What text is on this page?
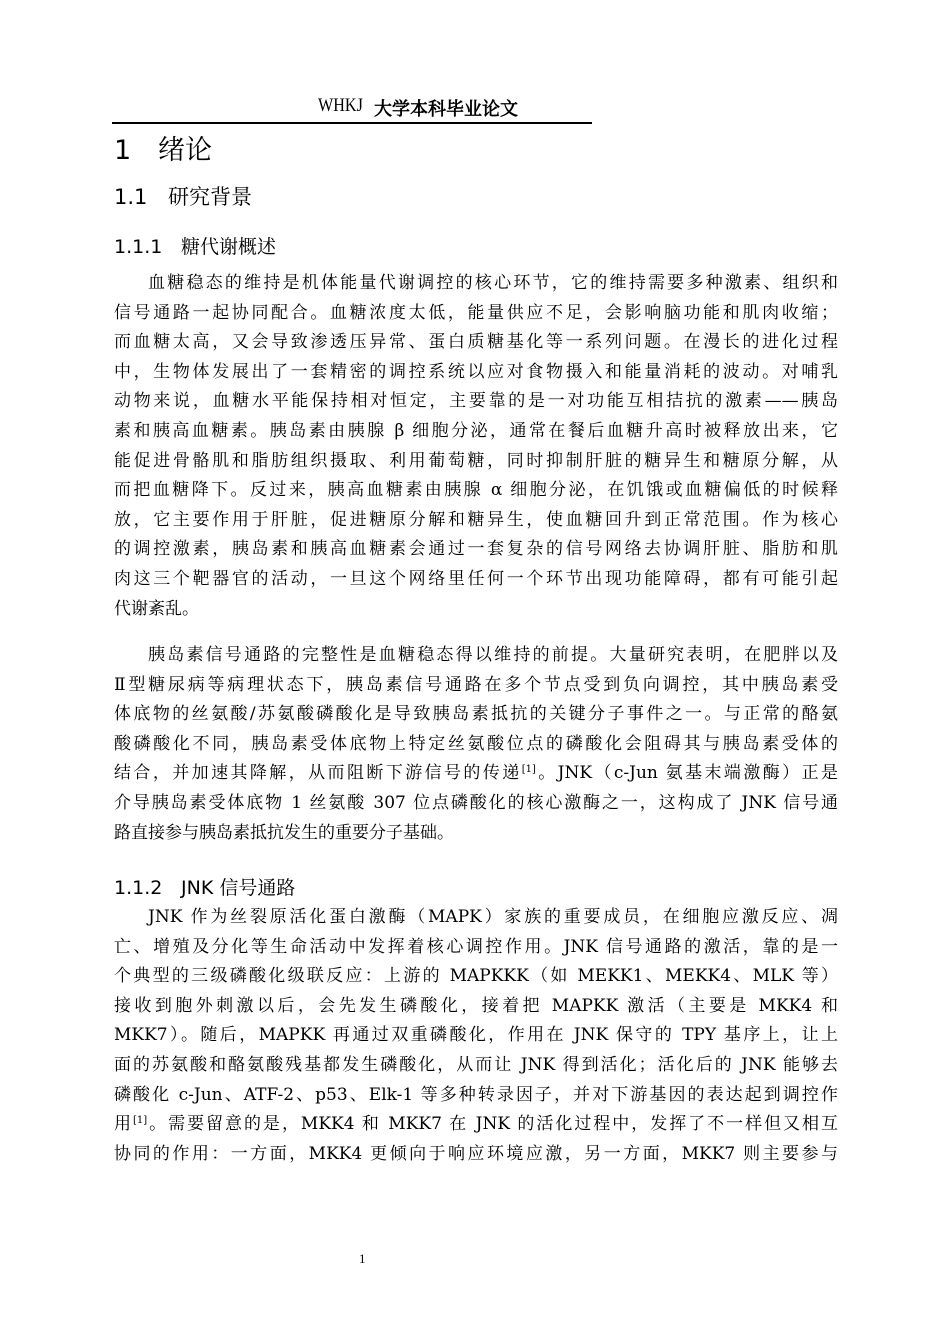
WHKJ 大学本科毕业论文
1 绪论
1.1 研究背景
1.1.1 糖代谢概述
血糖稳态的维持是机体能量代谢调控的核心环节，它的维持需要多种激素、组织和
信号通路一起协同配合。血糖浓度太低，能量供应不足，会影响脑功能和肌肉收缩；
而血糖太高，又会导致渗透压异常、蛋白质糖基化等一系列问题。在漫长的进化过程
中，生物体发展出了一套精密的调控系统以应对食物摄入和能量消耗的波动。对哺乳
动物来说，血糖水平能保持相对恒定，主要靠的是一对功能互相拮抗的激素——胰岛
素和胰高血糖素。胰岛素由胰腺 β 细胞分泌，通常在餐后血糖升高时被释放出来，它
能促进骨骼肌和脂肪组织摄取、利用葡萄糖，同时抑制肝脏的糖异生和糖原分解，从
而把血糖降下。反过来，胰高血糖素由胰腺 α 细胞分泌，在饥饿或血糖偏低的时候释
放，它主要作用于肝脏，促进糖原分解和糖异生，使血糖回升到正常范围。作为核心
的调控激素，胰岛素和胰高血糖素会通过一套复杂的信号网络去协调肝脏、脂肪和肌
肉这三个靶器官的活动，一旦这个网络里任何一个环节出现功能障碍，都有可能引起
代谢紊乱。
胰岛素信号通路的完整性是血糖稳态得以维持的前提。大量研究表明，在肥胖以及
Ⅱ型糖尿病等病理状态下，胰岛素信号通路在多个节点受到负向调控，其中胰岛素受
体底物的丝氨酸/苏氨酸磷酸化是导致胰岛素抵抗的关键分子事件之一。与正常的酪氨
酸磷酸化不同，胰岛素受体底物上特定丝氨酸位点的磷酸化会阻碍其与胰岛素受体的
结合，并加速其降解，从而阻断下游信号的传递[1]。JNK（c-Jun 氨基末端激酶）正是
介导胰岛素受体底物 1 丝氨酸 307 位点磷酸化的核心激酶之一，这构成了 JNK 信号通
路直接参与胰岛素抵抗发生的重要分子基础。
1.1.2 JNK 信号通路
JNK 作为丝裂原活化蛋白激酶（MAPK）家族的重要成员，在细胞应激反应、凋
亡、增殖及分化等生命活动中发挥着核心调控作用。JNK 信号通路的激活，靠的是一
个典型的三级磷酸化级联反应：上游的 MAPKKK（如 MEKK1、MEKK4、MLK 等）
接收到胞外刺激以后，会先发生磷酸化，接着把 MAPKK 激活（主要是 MKK4 和
MKK7）。随后，MAPKK 再通过双重磷酸化，作用在 JNK 保守的 TPY 基序上，让上
面的苏氨酸和酪氨酸残基都发生磷酸化，从而让 JNK 得到活化；活化后的 JNK 能够去
磷酸化 c-Jun、ATF-2、p53、Elk-1 等多种转录因子，并对下游基因的表达起到调控作
用[1]。需要留意的是，MKK4 和 MKK7 在 JNK 的活化过程中，发挥了不一样但又相互
协同的作用：一方面，MKK4 更倾向于响应环境应激，另一方面，MKK7 则主要参与
1
